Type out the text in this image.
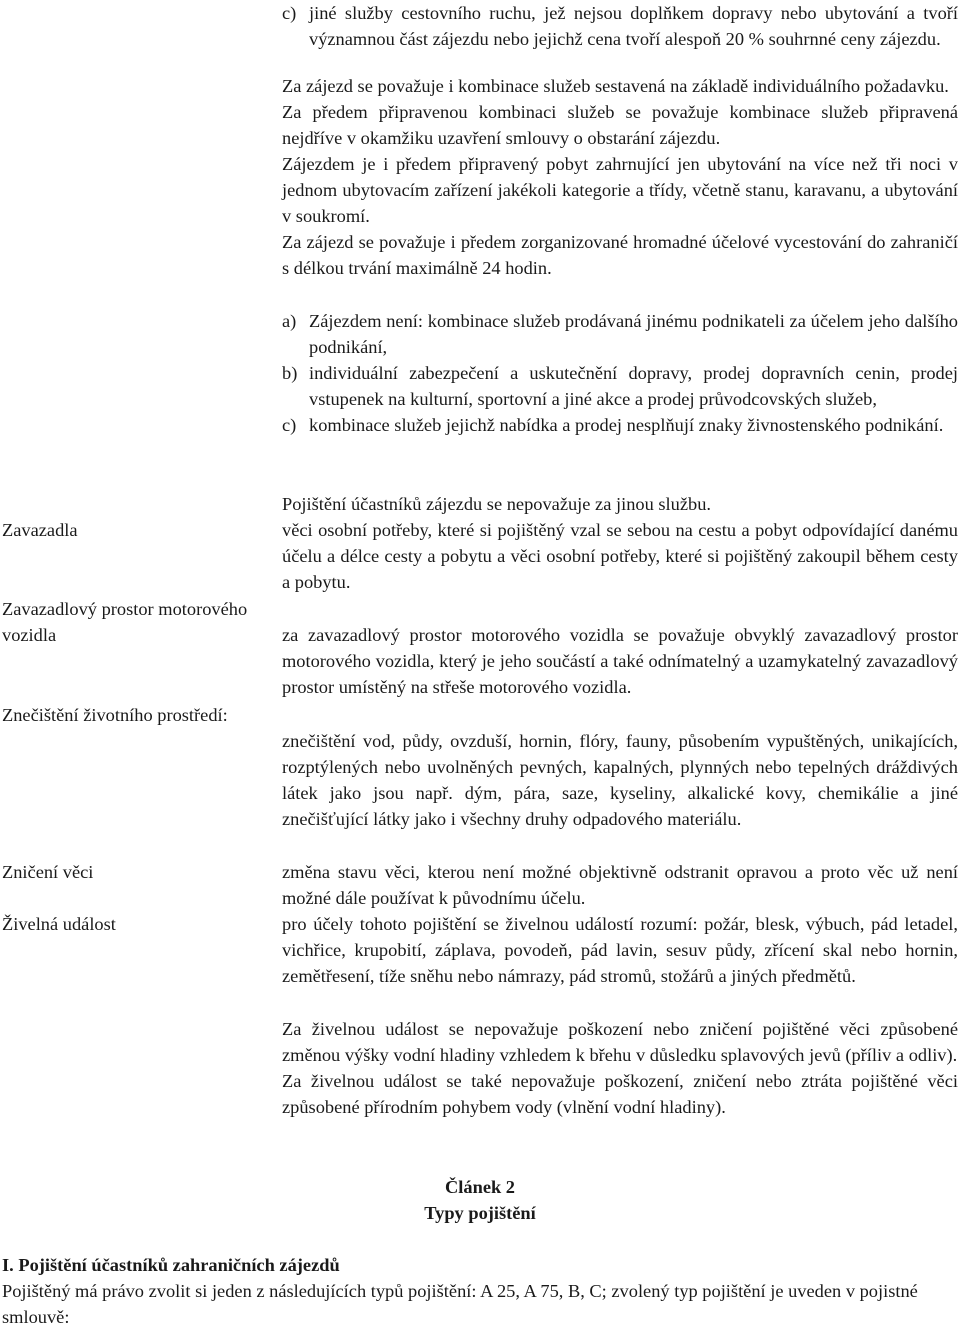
c) jiné služby cestovního ruchu, jež nejsou doplňkem dopravy nebo ubytování a tvoří významnou část zájezdu nebo jejichž cena tvoří alespoň 20 % souhrnné ceny zájezdu.

Za zájezd se považuje i kombinace služeb sestavená na základě individuálního požadavku.

Za předem připravenou kombinaci služeb se považuje kombinace služeb připravená nejdříve v okamžiku uzavření smlouvy o obstarání zájezdu.

Zájezdem je i předem připravený pobyt zahrnující jen ubytování na více než tři noci v jednom ubytovacím zařízení jakékoli kategorie a třídy, včetně stanu, karavanu, a ubytování v soukromí.

Za zájezd se považuje i předem zorganizované hromadné účelové vycestování do zahraničí s délkou trvání maximálně 24 hodin.

a) Zájezdem není: kombinace služeb prodávaná jinému podnikateli za účelem jeho dalšího podnikání,
b) individuální zabezpečení a uskutečnění dopravy, prodej dopravních cenin, prodej vstupenek na kulturní, sportovní a jiné akce a prodej průvodcovských služeb,
c) kombinace služeb jejichž nabídka a prodej nesplňují znaky živnostenského podnikání.
Pojištění účastníků zájezdu se nepovažuje za jinou službu.
Zavazadla
Zavazadlový prostor motorového vozidla
Znečištění životního prostředí:
Zničení věci
Živelná událost
věci osobní potřeby, které si pojištěný vzal se sebou na cestu a pobyt odpovídající danému účelu a délce cesty a pobytu a věci osobní potřeby, které si pojištěný zakoupil během cesty a pobytu.
za zavazadlový prostor motorového vozidla se považuje obvyklý zavazadlový prostor motorového vozidla, který je jeho součástí a také odnímatelný a uzamykatelný zavazadlový prostor umístěný na střeše motorového vozidla.
znečištění vod, půdy, ovzduší, hornin, flóry, fauny, působením vypuštěných, unikajících, rozptýlených nebo uvolněných pevných, kapalných, plynných nebo tepelných dráždivých látek jako jsou např. dým, pára, saze, kyseliny, alkalické kovy, chemikálie a jiné znečišťující látky jako i všechny druhy odpadového materiálu.
změna stavu věci, kterou není možné objektivně odstranit opravou a proto věc už není možné dále používat k původnímu účelu.
pro účely tohoto pojištění se živelnou událostí rozumí: požár, blesk, výbuch, pád letadel, vichřice, krupobití, záplava, povodeň, pád lavin, sesuv půdy, zřícení skal nebo hornin, zemětřesení, tíže sněhu nebo námrazy, pád stromů, stožárů a jiných předmětů.

Za živelnou událost se nepovažuje poškození nebo zničení pojištěné věci způsobené změnou výšky vodní hladiny vzhledem k břehu v důsledku splavových jevů (příliv a odliv).

Za živelnou událost se také nepovažuje poškození, zničení nebo ztráta pojištěné věci způsobené přírodním pohybem vody (vlnění vodní hladiny).

Článek 2
Typy pojištění
I. Pojištění účastníků zahraničních zájezdů
Pojištěný má právo zvolit si jeden z následujících typů pojištění: A 25, A 75, B, C; zvolený typ pojištění je uveden v pojistné smlouvě:
